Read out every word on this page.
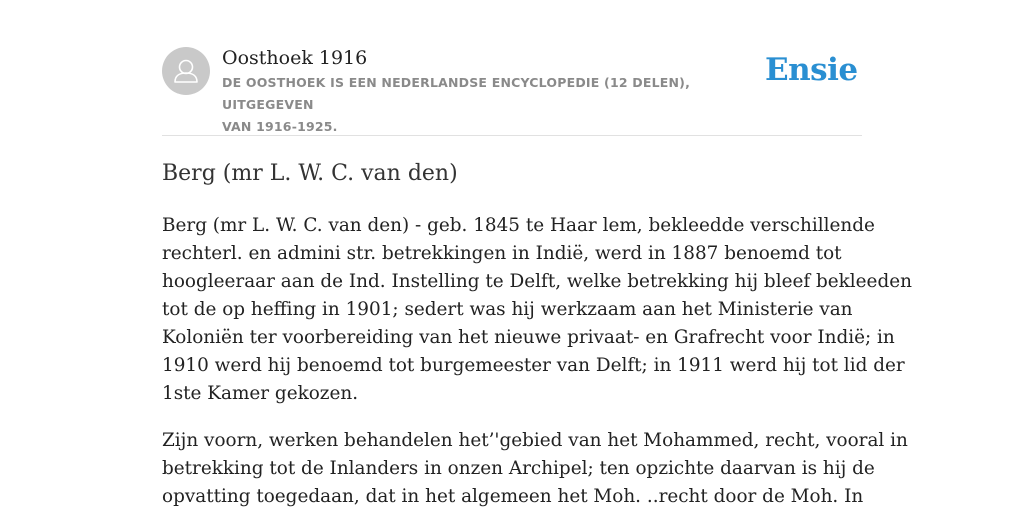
Oosthoek 1916
DE OOSTHOEK IS EEN NEDERLANDSE ENCYCLOPEDIE (12 DELEN), UITGEGEVEN
VAN 1916-1925.
Ensie
Berg (mr L. W. C. van den)

Berg (mr L. W. C. van den) - geb. 1845 te Haar lem, bekleedde verschillende
rechterl. en admini str. betrekkingen in Indië, werd in 1887 benoemd tot
hoogleeraar aan de Ind. Instelling te Delft, welke betrekking hij bleef bekleeden
tot de op heffing in 1901; sedert was hij werkzaam aan het Ministerie van
Koloniën ter voorbereiding van het nieuwe privaat- en Grafrecht voor Indië; in
1910 werd hij benoemd tot burgemeester van Delft; in 1911 werd hij tot lid der
1ste Kamer gekozen.

Zijn voorn, werken behandelen het’'gebied van het Mohammed, recht, vooral in
betrekking tot de Inlanders in onzen Archipel; ten opzichte daarvan is hij de
opvatting toegedaan, dat in het algemeen het Moh. ..recht door de Moh. In
